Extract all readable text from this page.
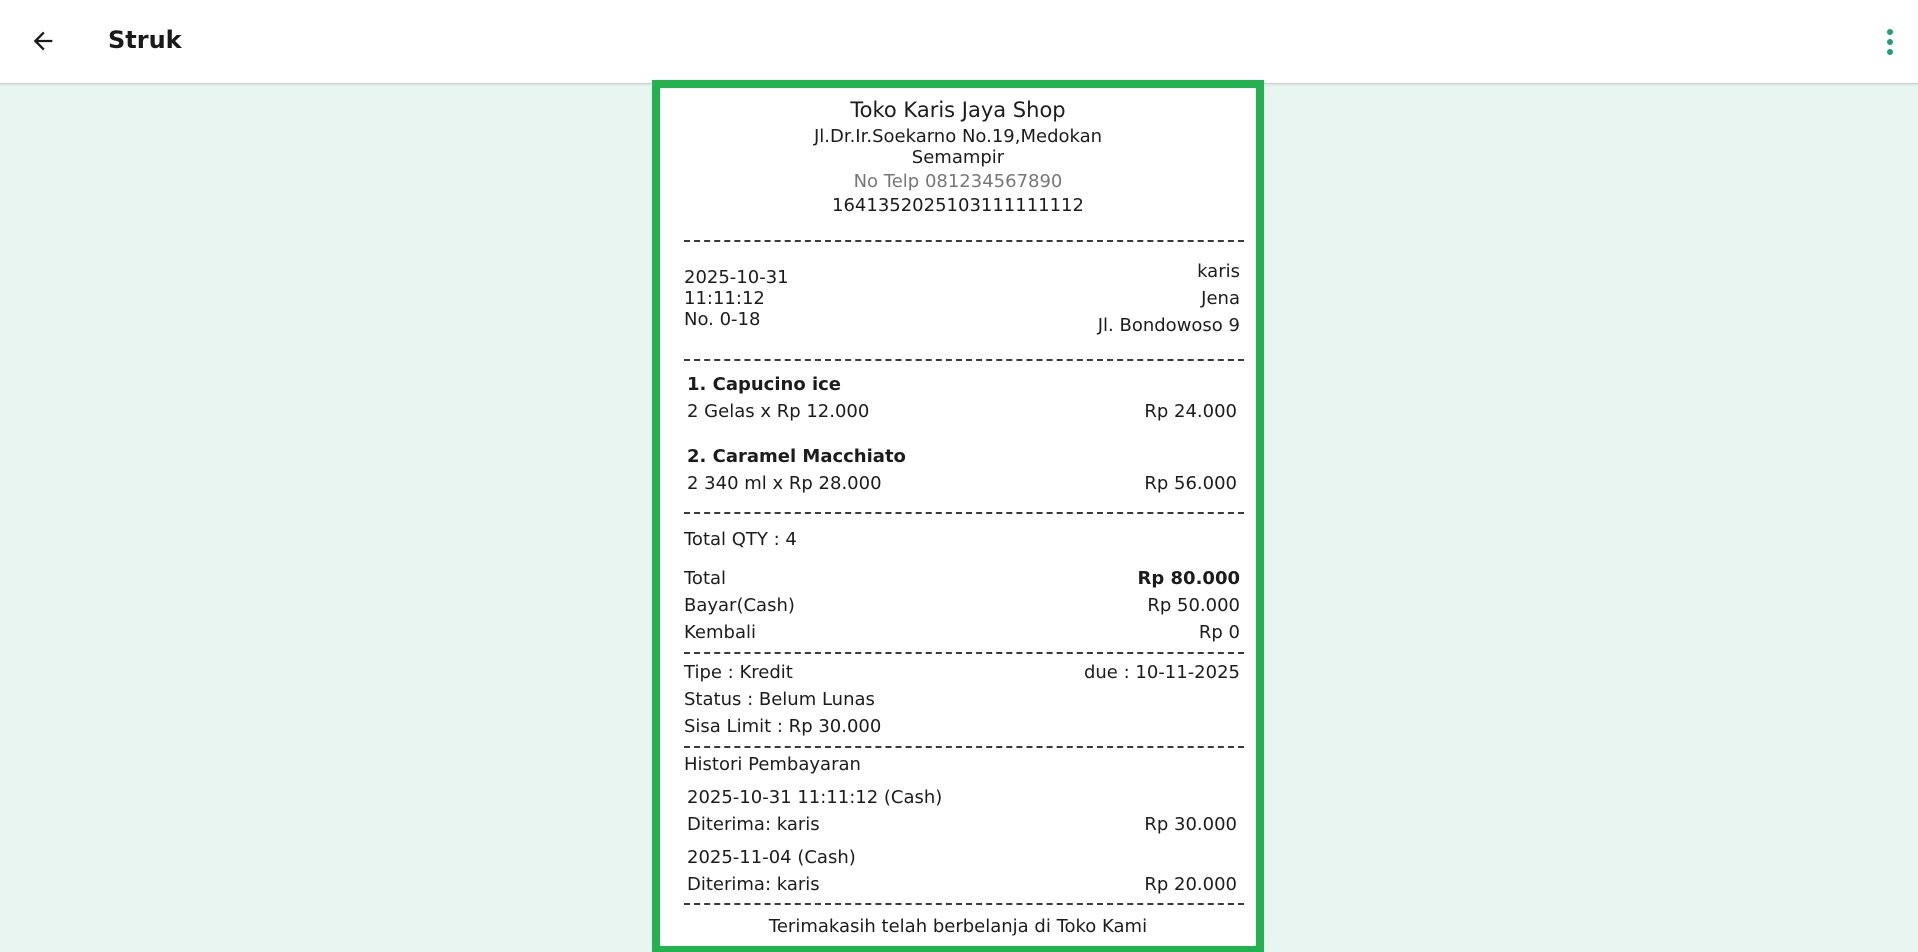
Struk
Toko Karis Jaya Shop
Jl.Dr.Ir.Soekarno No.19,Medokan
Semampir
No Telp 081234567890
1641352025103111111112
2025-10-31
11:11:12
No. 0-18
karis
Jena
Jl. Bondowoso 9
1. Capucino ice
2 Gelas x Rp 12.000	Rp 24.000
2. Caramel Macchiato
2 340 ml x Rp 28.000	Rp 56.000
Total QTY : 4
Total	Rp 80.000
Bayar(Cash)	Rp 50.000
Kembali	Rp 0
Tipe : Kredit	due : 10-11-2025
Status : Belum Lunas
Sisa Limit : Rp 30.000
Histori Pembayaran
2025-10-31 11:11:12 (Cash)
Diterima: karis	Rp 30.000
2025-11-04 (Cash)
Diterima: karis	Rp 20.000
Terimakasih telah berbelanja di Toko Kami
